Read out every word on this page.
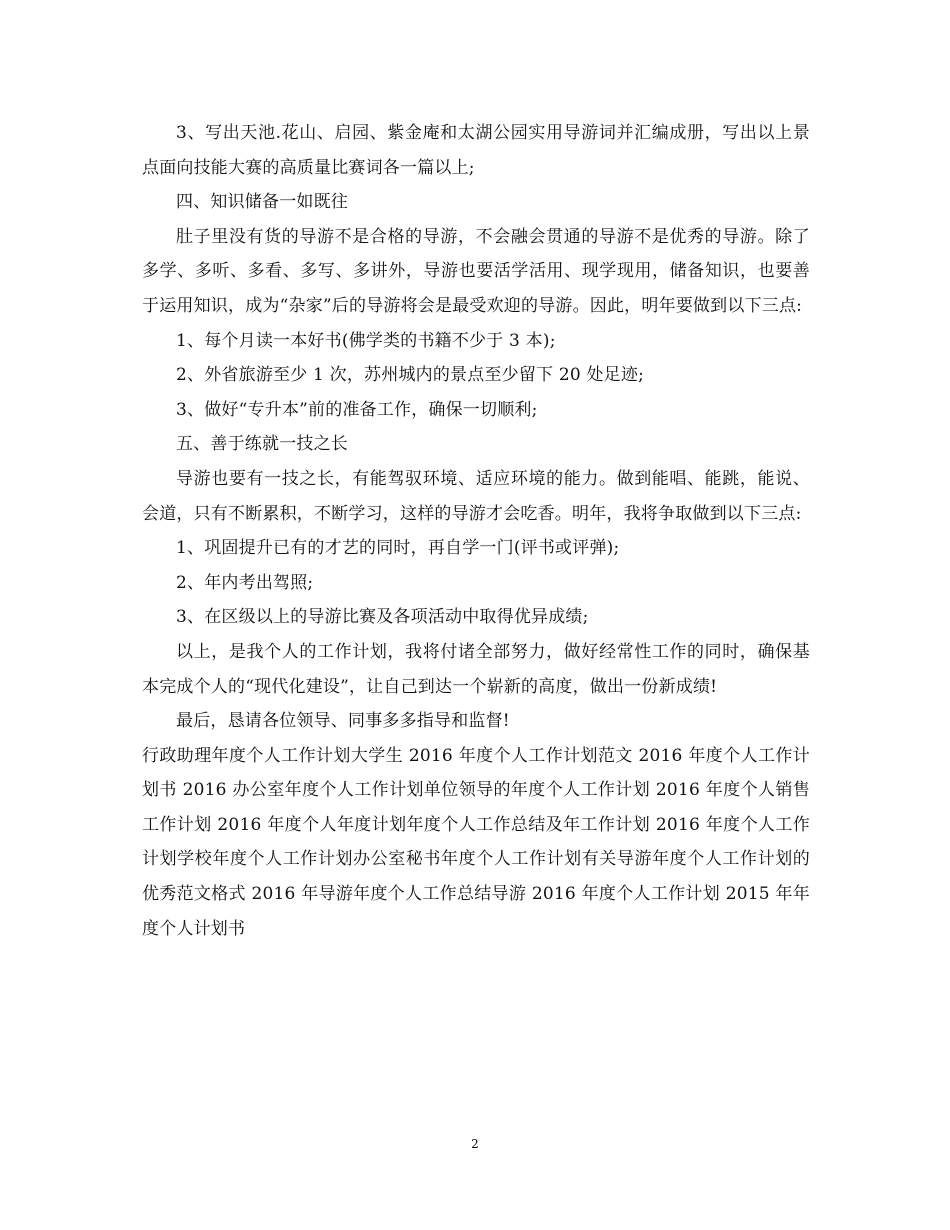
3、写出天池.花山、启园、紫金庵和太湖公园实用导游词并汇编成册，写出以上景点面向技能大赛的高质量比赛词各一篇以上;

四、知识储备一如既往

肚子里没有货的导游不是合格的导游，不会融会贯通的导游不是优秀的导游。除了多学、多听、多看、多写、多讲外，导游也要活学活用、现学现用，储备知识，也要善于运用知识，成为“杂家”后的导游将会是最受欢迎的导游。因此，明年要做到以下三点:

1、每个月读一本好书(佛学类的书籍不少于 3 本);

2、外省旅游至少 1 次，苏州城内的景点至少留下 20 处足迹;

3、做好“专升本”前的准备工作，确保一切顺利;

五、善于练就一技之长

导游也要有一技之长，有能驾驭环境、适应环境的能力。做到能唱、能跳，能说、会道，只有不断累积，不断学习，这样的导游才会吃香。明年，我将争取做到以下三点:

1、巩固提升已有的才艺的同时，再自学一门(评书或评弹);

2、年内考出驾照;

3、在区级以上的导游比赛及各项活动中取得优异成绩;

以上，是我个人的工作计划，我将付诸全部努力，做好经常性工作的同时，确保基本完成个人的“现代化建设”，让自己到达一个崭新的高度，做出一份新成绩!

最后，恳请各位领导、同事多多指导和监督!

行政助理年度个人工作计划大学生 2016 年度个人工作计划范文 2016 年度个人工作计划书 2016 办公室年度个人工作计划单位领导的年度个人工作计划 2016 年度个人销售工作计划 2016 年度个人年度计划年度个人工作总结及年工作计划 2016 年度个人工作计划学校年度个人工作计划办公室秘书年度个人工作计划有关导游年度个人工作计划的优秀范文格式 2016 年导游年度个人工作总结导游 2016 年度个人工作计划 2015 年年度个人计划书

2
